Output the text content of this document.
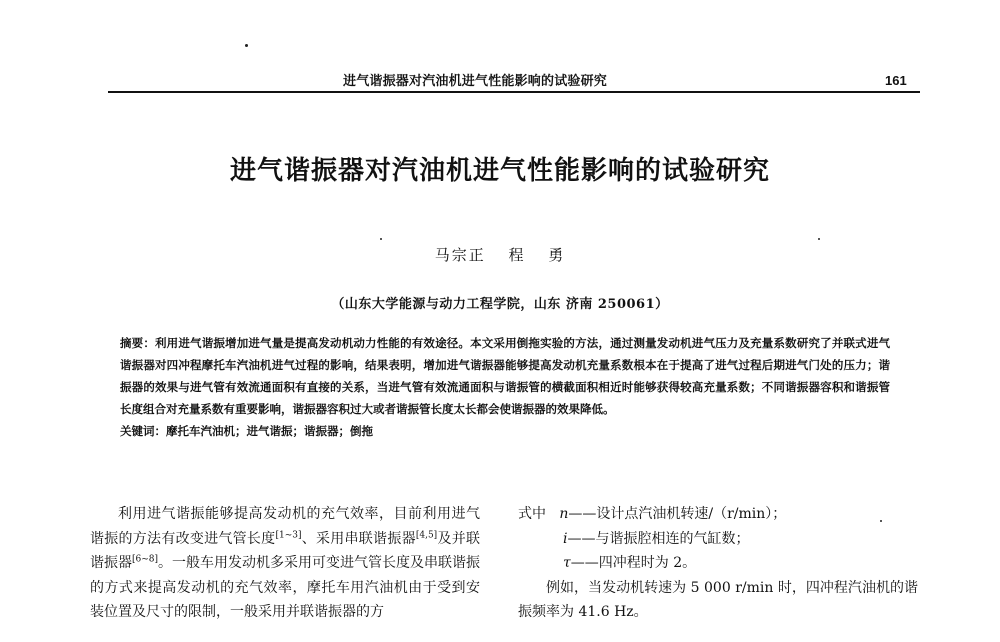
进气谐振器对汽油机进气性能影响的试验研究	161
进气谐振器对汽油机进气性能影响的试验研究
马宗正 程 勇
（山东大学能源与动力工程学院，山东 济南 250061）

摘要：利用进气谐振增加进气量是提高发动机动力性能的有效途径。本文采用倒拖实验的方法，通过测量发动机进气压力及充量系数研究了并联式进气谐振器对四冲程摩托车汽油机进气过程的影响，结果表明，增加进气谐振器能够提高发动机充量系数根本在于提高了进气过程后期进气门处的压力；谐振器的效果与进气管有效流通面积有直接的关系，当进气管有效流通面积与谐振管的横截面积相近时能够获得较高充量系数；不同谐振器容积和谐振管长度组合对充量系数有重要影响，谐振器容积过大或者谐振管长度太长都会使谐振器的效果降低。

关键词：摩托车汽油机；进气谐振；谐振器；倒拖

利用进气谐振能够提高发动机的充气效率，目前利用进气谐振的方法有改变进气管长度[1~3]、采用串联谐振器[4,5]及并联谐振器[6~8]。一般车用发动机多采用可变进气管长度及串联谐振的方式来提高发动机的充气效率，摩托车用汽油机由于受到安装位置及尺寸的限制，一般采用并联谐振器的方

式中 n——设计点汽油机转速/（r/min）；

i——与谐振腔相连的气缸数；

τ——四冲程时为 2。

例如，当发动机转速为 5 000 r/min 时，四冲程汽油机的谐振频率为 41.6 Hz。
